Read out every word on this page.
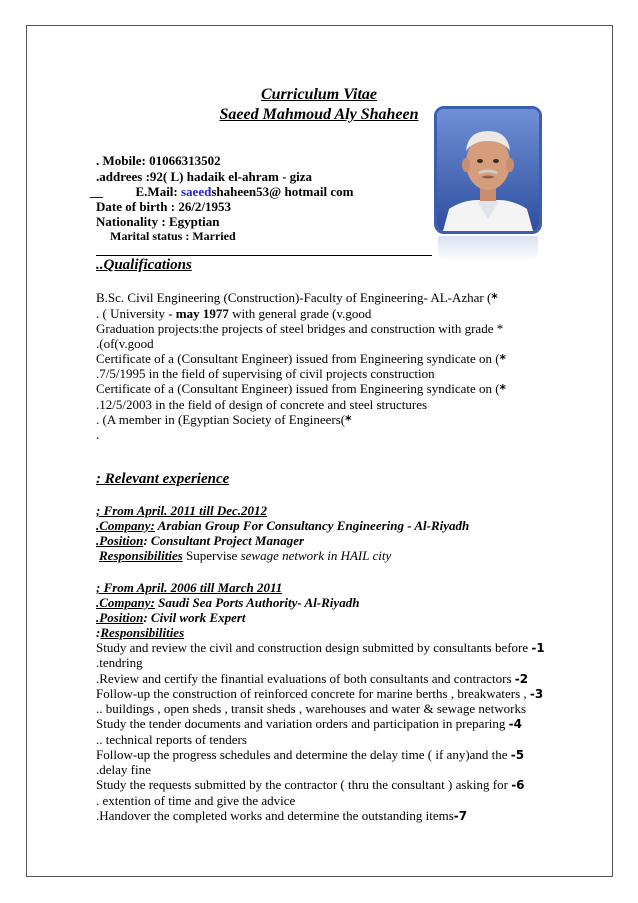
Curriculum Vitae
Saeed Mahmoud Aly Shaheen
. Mobile: 01066313502
.addrees :92( L) hadaik el-ahram - giza
__	E.Mail: saeedshaheen53@ hotmail com
Date of birth : 26/2/1953
Nationality : Egyptian
Marital status : Married
..Qualifications
B.Sc. Civil Engineering (Construction)-Faculty of Engineering- AL-Azhar (*
. ( University - may 1977 with general grade (v.good
Graduation projects:the projects of steel bridges and construction with grade *
.(of(v.good
Certificate of a (Consultant Engineer) issued from Engineering syndicate on (*
.7/5/1995 in the field of supervising of civil projects construction
Certificate of a (Consultant Engineer) issued from Engineering syndicate on (*
.12/5/2003 in the field of design of concrete and steel structures
. (A member in (Egyptian Society of Engineers(*
.
: Relevant experience
; From April. 2011 till Dec.2012
.Company: Arabian Group For Consultancy Engineering - Al-Riyadh
.Position: Consultant Project Manager
Responsibilities Supervise sewage network in HAIL city
; From April. 2006 till March 2011
.Company: Saudi Sea Ports Authority- Al-Riyadh
.Position: Civil work Expert
:Responsibilities
Study and review the civil and construction design submitted by consultants before -1
.tendring
.Review and certify the finantial evaluations of both consultants and contractors -2
Follow-up the construction of reinforced concrete for marine berths , breakwaters , -3
.. buildings , open sheds , transit sheds , warehouses and water & sewage networks
Study the tender documents and variation orders and participation in preparing -4
.. technical reports of tenders
Follow-up the progress schedules and determine the delay time ( if any)and the -5
.delay fine
Study the requests submitted by the contractor ( thru the consultant ) asking for -6
. extention of time and give the advice
.Handover the completed works and determine the outstanding items-7
